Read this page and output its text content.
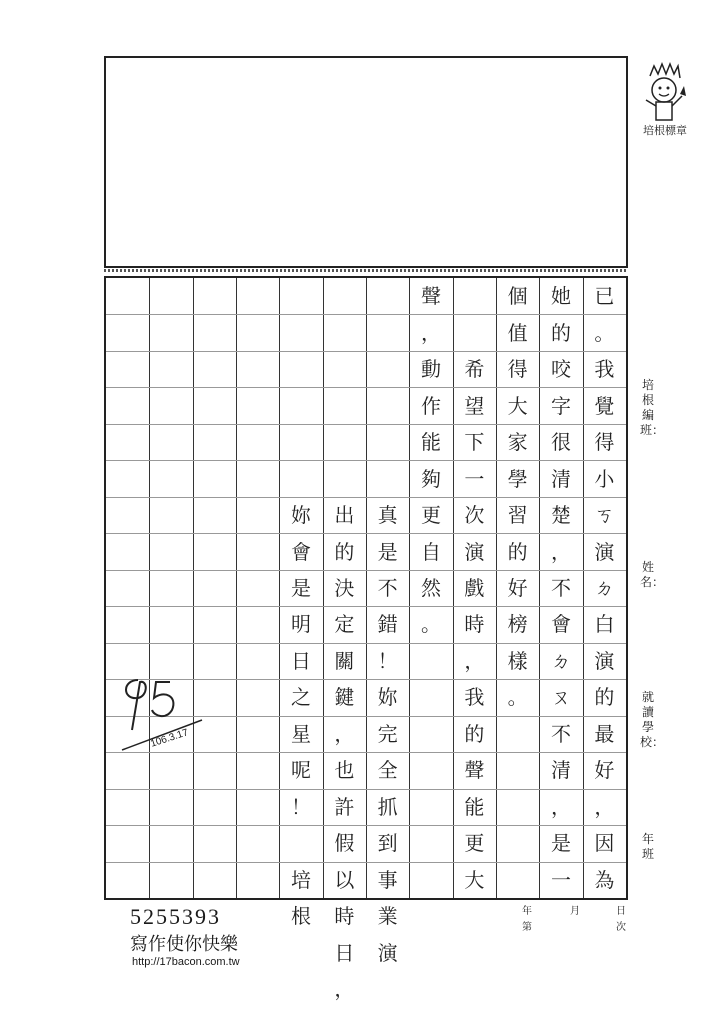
培根標章
已
。
我
覺
得
小
ㄎ
演
ㄉ
白
演
的
最
好
，
因
為
她
的
咬
字
很
清
楚
，
不
會
ㄉ
ㄡ
不
清
，
是
一
個
值
得
大
家
學
習
的
好
榜
樣
。
希
望
下
一
次
演
戲
時
，
我
的
聲
能
更
大
聲
，
動
作
能
夠
更
自
然
。
真
是
不
錯
！
妳
完
全
抓
到
事
業
演
出
的
決
定
關
鍵
，
也
許
假
以
時
日
，
妳
會
是
明
日
之
星
呢
！
培
根
106.3.17
培根編班：
姓名：
就讀學校：
年　班
年	月	日
第	次
5255393
寫作使你快樂
http://17bacon.com.tw
